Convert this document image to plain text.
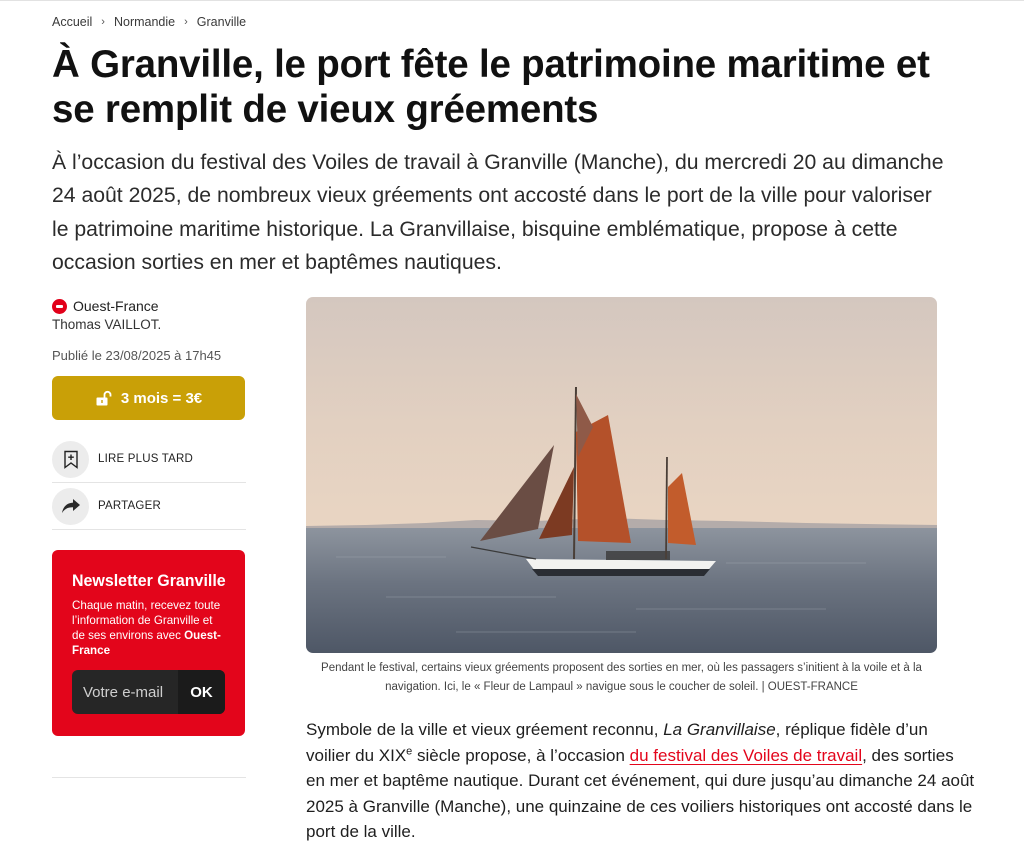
Accueil › Normandie › Granville
À Granville, le port fête le patrimoine maritime et se remplit de vieux gréements

À l’occasion du festival des Voiles de travail à Granville (Manche), du mercredi 20 au dimanche 24 août 2025, de nombreux vieux gréements ont accosté dans le port de la ville pour valoriser le patrimoine maritime historique. La Granvillaise, bisquine emblématique, propose à cette occasion sorties en mer et baptêmes nautiques.

Ouest-France
Thomas VAILLOT.
Publié le 23/08/2025 à 17h45
3 mois = 3€
LIRE PLUS TARD
PARTAGER
Newsletter Granville
Chaque matin, recevez toute l’information de Granville et de ses environs avec Ouest-France
Votre e-mail
OK
Pendant le festival, certains vieux gréements proposent des sorties en mer, où les passagers s’initient à la voile et à la navigation. Ici, le « Fleur de Lampaul » navigue sous le coucher de soleil. | OUEST-FRANCE

Symbole de la ville et vieux gréement reconnu, La Granvillaise, réplique fidèle d’un voilier du XIXe siècle propose, à l’occasion du festival des Voiles de travail, des sorties en mer et baptême nautique. Durant cet événement, qui dure jusqu’au dimanche 24 août 2025 à Granville (Manche), une quinzaine de ces voiliers historiques ont accosté dans le port de la ville.
